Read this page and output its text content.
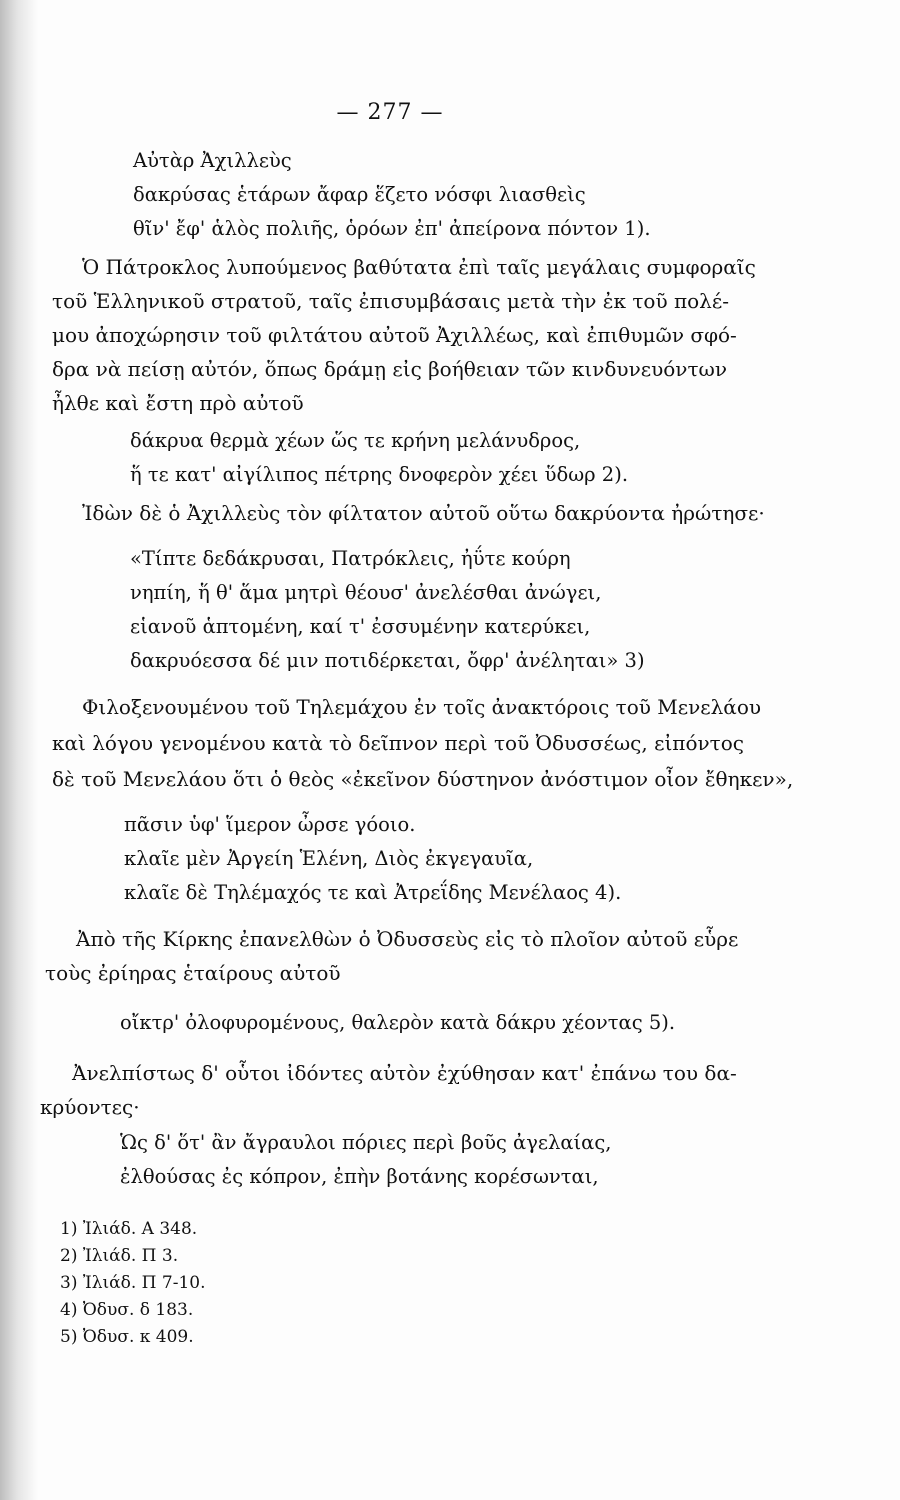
— 277 —
Αὐτὰρ Ἀχιλλεὺς
δακρύσας ἑτάρων ἄφαρ ἕζετο νόσφι λιασθεὶς
θῖν' ἔφ' ἁλὸς πολιῆς, ὁρόων ἐπ' ἀπείρονα πόντον 1).
Ὁ Πάτροκλος λυπούμενος βαθύτατα ἐπὶ ταῖς μεγάλαις συμφοραῖς
τοῦ Ἑλληνικοῦ στρατοῦ, ταῖς ἐπισυμβάσαις μετὰ τὴν ἐκ τοῦ πολέ-
μου ἀποχώρησιν τοῦ φιλτάτου αὐτοῦ Ἀχιλλέως, καὶ ἐπιθυμῶν σφό-
δρα νὰ πείσῃ αὐτόν, ὅπως δράμῃ εἰς βοήθειαν τῶν κινδυνευόντων
ἦλθε καὶ ἔστη πρὸ αὐτοῦ
δάκρυα θερμὰ χέων ὥς τε κρήνη μελάνυδρος,
ἥ τε κατ' αἰγίλιπος πέτρης δνοφερὸν χέει ὕδωρ 2).
Ἰδὼν δὲ ὁ Ἀχιλλεὺς τὸν φίλτατον αὐτοῦ οὕτω δακρύοντα ἠρώτησε·
«Τίπτε δεδάκρυσαι, Πατρόκλεις, ἠΰτε κούρη
νηπίη, ἥ θ' ἅμα μητρὶ θέουσ' ἀνελέσθαι ἀνώγει,
εἱανοῦ ἁπτομένη, καί τ' ἐσσυμένην κατερύκει,
δακρυόεσσα δέ μιν ποτιδέρκεται, ὄφρ' ἀνέληται» 3)
Φιλοξενουμένου τοῦ Τηλεμάχου ἐν τοῖς ἀνακτόροις τοῦ Μενελάου
καὶ λόγου γενομένου κατὰ τὸ δεῖπνον περὶ τοῦ Ὀδυσσέως, εἰπόντος
δὲ τοῦ Μενελάου ὅτι ὁ θεὸς «ἐκεῖνον δύστηνον ἀνόστιμον οἶον ἔθηκεν»,
πᾶσιν ὑφ' ἵμερον ὦρσε γόοιο.
κλαῖε μὲν Ἀργείη Ἑλένη, Διὸς ἐκγεγαυῖα,
κλαῖε δὲ Τηλέμαχός τε καὶ Ἀτρεΐδης Μενέλαος 4).
Ἀπὸ τῆς Κίρκης ἐπανελθὼν ὁ Ὀδυσσεὺς εἰς τὸ πλοῖον αὐτοῦ εὗρε
τοὺς ἐρίηρας ἑταίρους αὐτοῦ
οἴκτρ' ὀλοφυρομένους, θαλερὸν κατὰ δάκρυ χέοντας 5).
Ἀνελπίστως δ' οὗτοι ἰδόντες αὐτὸν ἐχύθησαν κατ' ἐπάνω του δα-
κρύοντες·
Ὡς δ' ὅτ' ἂν ἄγραυλοι πόριες περὶ βοῦς ἀγελαίας,
ἐλθούσας ἐς κόπρον, ἐπὴν βοτάνης κορέσωνται,
1) Ἰλιάδ. Α 348.
2) Ἰλιάδ. Π 3.
3) Ἰλιάδ. Π 7-10.
4) Ὀδυσ. δ 183.
5) Ὀδυσ. κ 409.
